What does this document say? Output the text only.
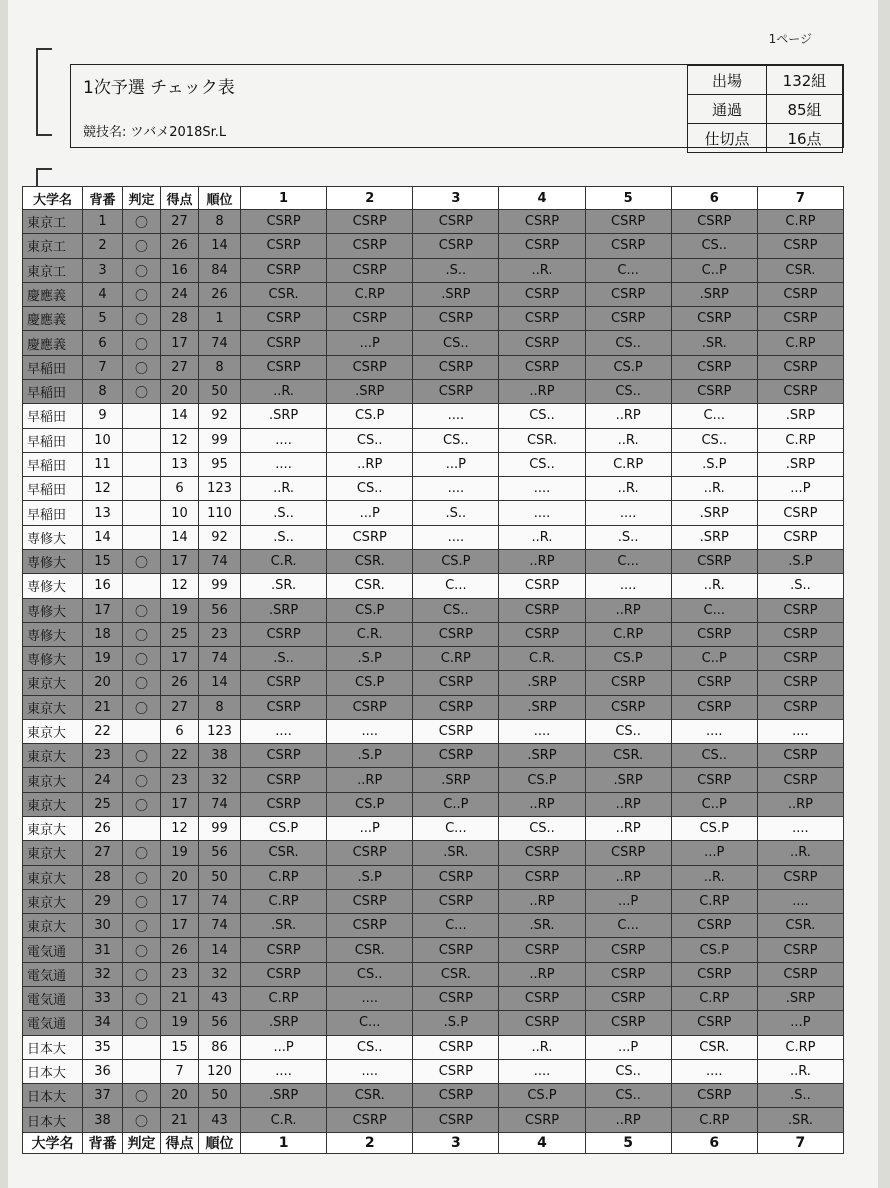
1ページ
1次予選 チェック表
競技名: ツバメ2018Sr.L
出場	132組
通過	85組
仕切点	16点
大学名	背番	判定	得点	順位	1	2	3	4	5	6	7
東京工	1	〇	27	8	CSRP	CSRP	CSRP	CSRP	CSRP	CSRP	C.RP
東京工	2	〇	26	14	CSRP	CSRP	CSRP	CSRP	CSRP	CS..	CSRP
東京工	3	〇	16	84	CSRP	CSRP	.S..	..R.	C...	C..P	CSR.
慶應義	4	〇	24	26	CSR.	C.RP	.SRP	CSRP	CSRP	.SRP	CSRP
慶應義	5	〇	28	1	CSRP	CSRP	CSRP	CSRP	CSRP	CSRP	CSRP
慶應義	6	〇	17	74	CSRP	...P	CS..	CSRP	CS..	.SR.	C.RP
早稲田	7	〇	27	8	CSRP	CSRP	CSRP	CSRP	CS.P	CSRP	CSRP
早稲田	8	〇	20	50	..R.	.SRP	CSRP	..RP	CS..	CSRP	CSRP
早稲田	9		14	92	.SRP	CS.P	....	CS..	..RP	C...	.SRP
早稲田	10		12	99	....	CS..	CS..	CSR.	..R.	CS..	C.RP
早稲田	11		13	95	....	..RP	...P	CS..	C.RP	.S.P	.SRP
早稲田	12		6	123	..R.	CS..	....	....	..R.	..R.	...P
早稲田	13		10	110	.S..	...P	.S..	....	....	.SRP	CSRP
専修大	14		14	92	.S..	CSRP	....	..R.	.S..	.SRP	CSRP
専修大	15	〇	17	74	C.R.	CSR.	CS.P	..RP	C...	CSRP	.S.P
専修大	16		12	99	.SR.	CSR.	C...	CSRP	....	..R.	.S..
専修大	17	〇	19	56	.SRP	CS.P	CS..	CSRP	..RP	C...	CSRP
専修大	18	〇	25	23	CSRP	C.R.	CSRP	CSRP	C.RP	CSRP	CSRP
専修大	19	〇	17	74	.S..	.S.P	C.RP	C.R.	CS.P	C..P	CSRP
東京大	20	〇	26	14	CSRP	CS.P	CSRP	.SRP	CSRP	CSRP	CSRP
東京大	21	〇	27	8	CSRP	CSRP	CSRP	.SRP	CSRP	CSRP	CSRP
東京大	22		6	123	....	....	CSRP	....	CS..	....	....
東京大	23	〇	22	38	CSRP	.S.P	CSRP	.SRP	CSR.	CS..	CSRP
東京大	24	〇	23	32	CSRP	..RP	.SRP	CS.P	.SRP	CSRP	CSRP
東京大	25	〇	17	74	CSRP	CS.P	C..P	..RP	..RP	C..P	..RP
東京大	26		12	99	CS.P	...P	C...	CS..	..RP	CS.P	....
東京大	27	〇	19	56	CSR.	CSRP	.SR.	CSRP	CSRP	...P	..R.
東京大	28	〇	20	50	C.RP	.S.P	CSRP	CSRP	..RP	..R.	CSRP
東京大	29	〇	17	74	C.RP	CSRP	CSRP	..RP	...P	C.RP	....
東京大	30	〇	17	74	.SR.	CSRP	C...	.SR.	C...	CSRP	CSR.
電気通	31	〇	26	14	CSRP	CSR.	CSRP	CSRP	CSRP	CS.P	CSRP
電気通	32	〇	23	32	CSRP	CS..	CSR.	..RP	CSRP	CSRP	CSRP
電気通	33	〇	21	43	C.RP	....	CSRP	CSRP	CSRP	C.RP	.SRP
電気通	34	〇	19	56	.SRP	C...	.S.P	CSRP	CSRP	CSRP	...P
日本大	35		15	86	...P	CS..	CSRP	..R.	...P	CSR.	C.RP
日本大	36		7	120	....	....	CSRP	....	CS..	....	..R.
日本大	37	〇	20	50	.SRP	CSR.	CSRP	CS.P	CS..	CSRP	.S..
日本大	38	〇	21	43	C.R.	CSRP	CSRP	CSRP	..RP	C.RP	.SR.
大学名	背番	判定	得点	順位	1	2	3	4	5	6	7
